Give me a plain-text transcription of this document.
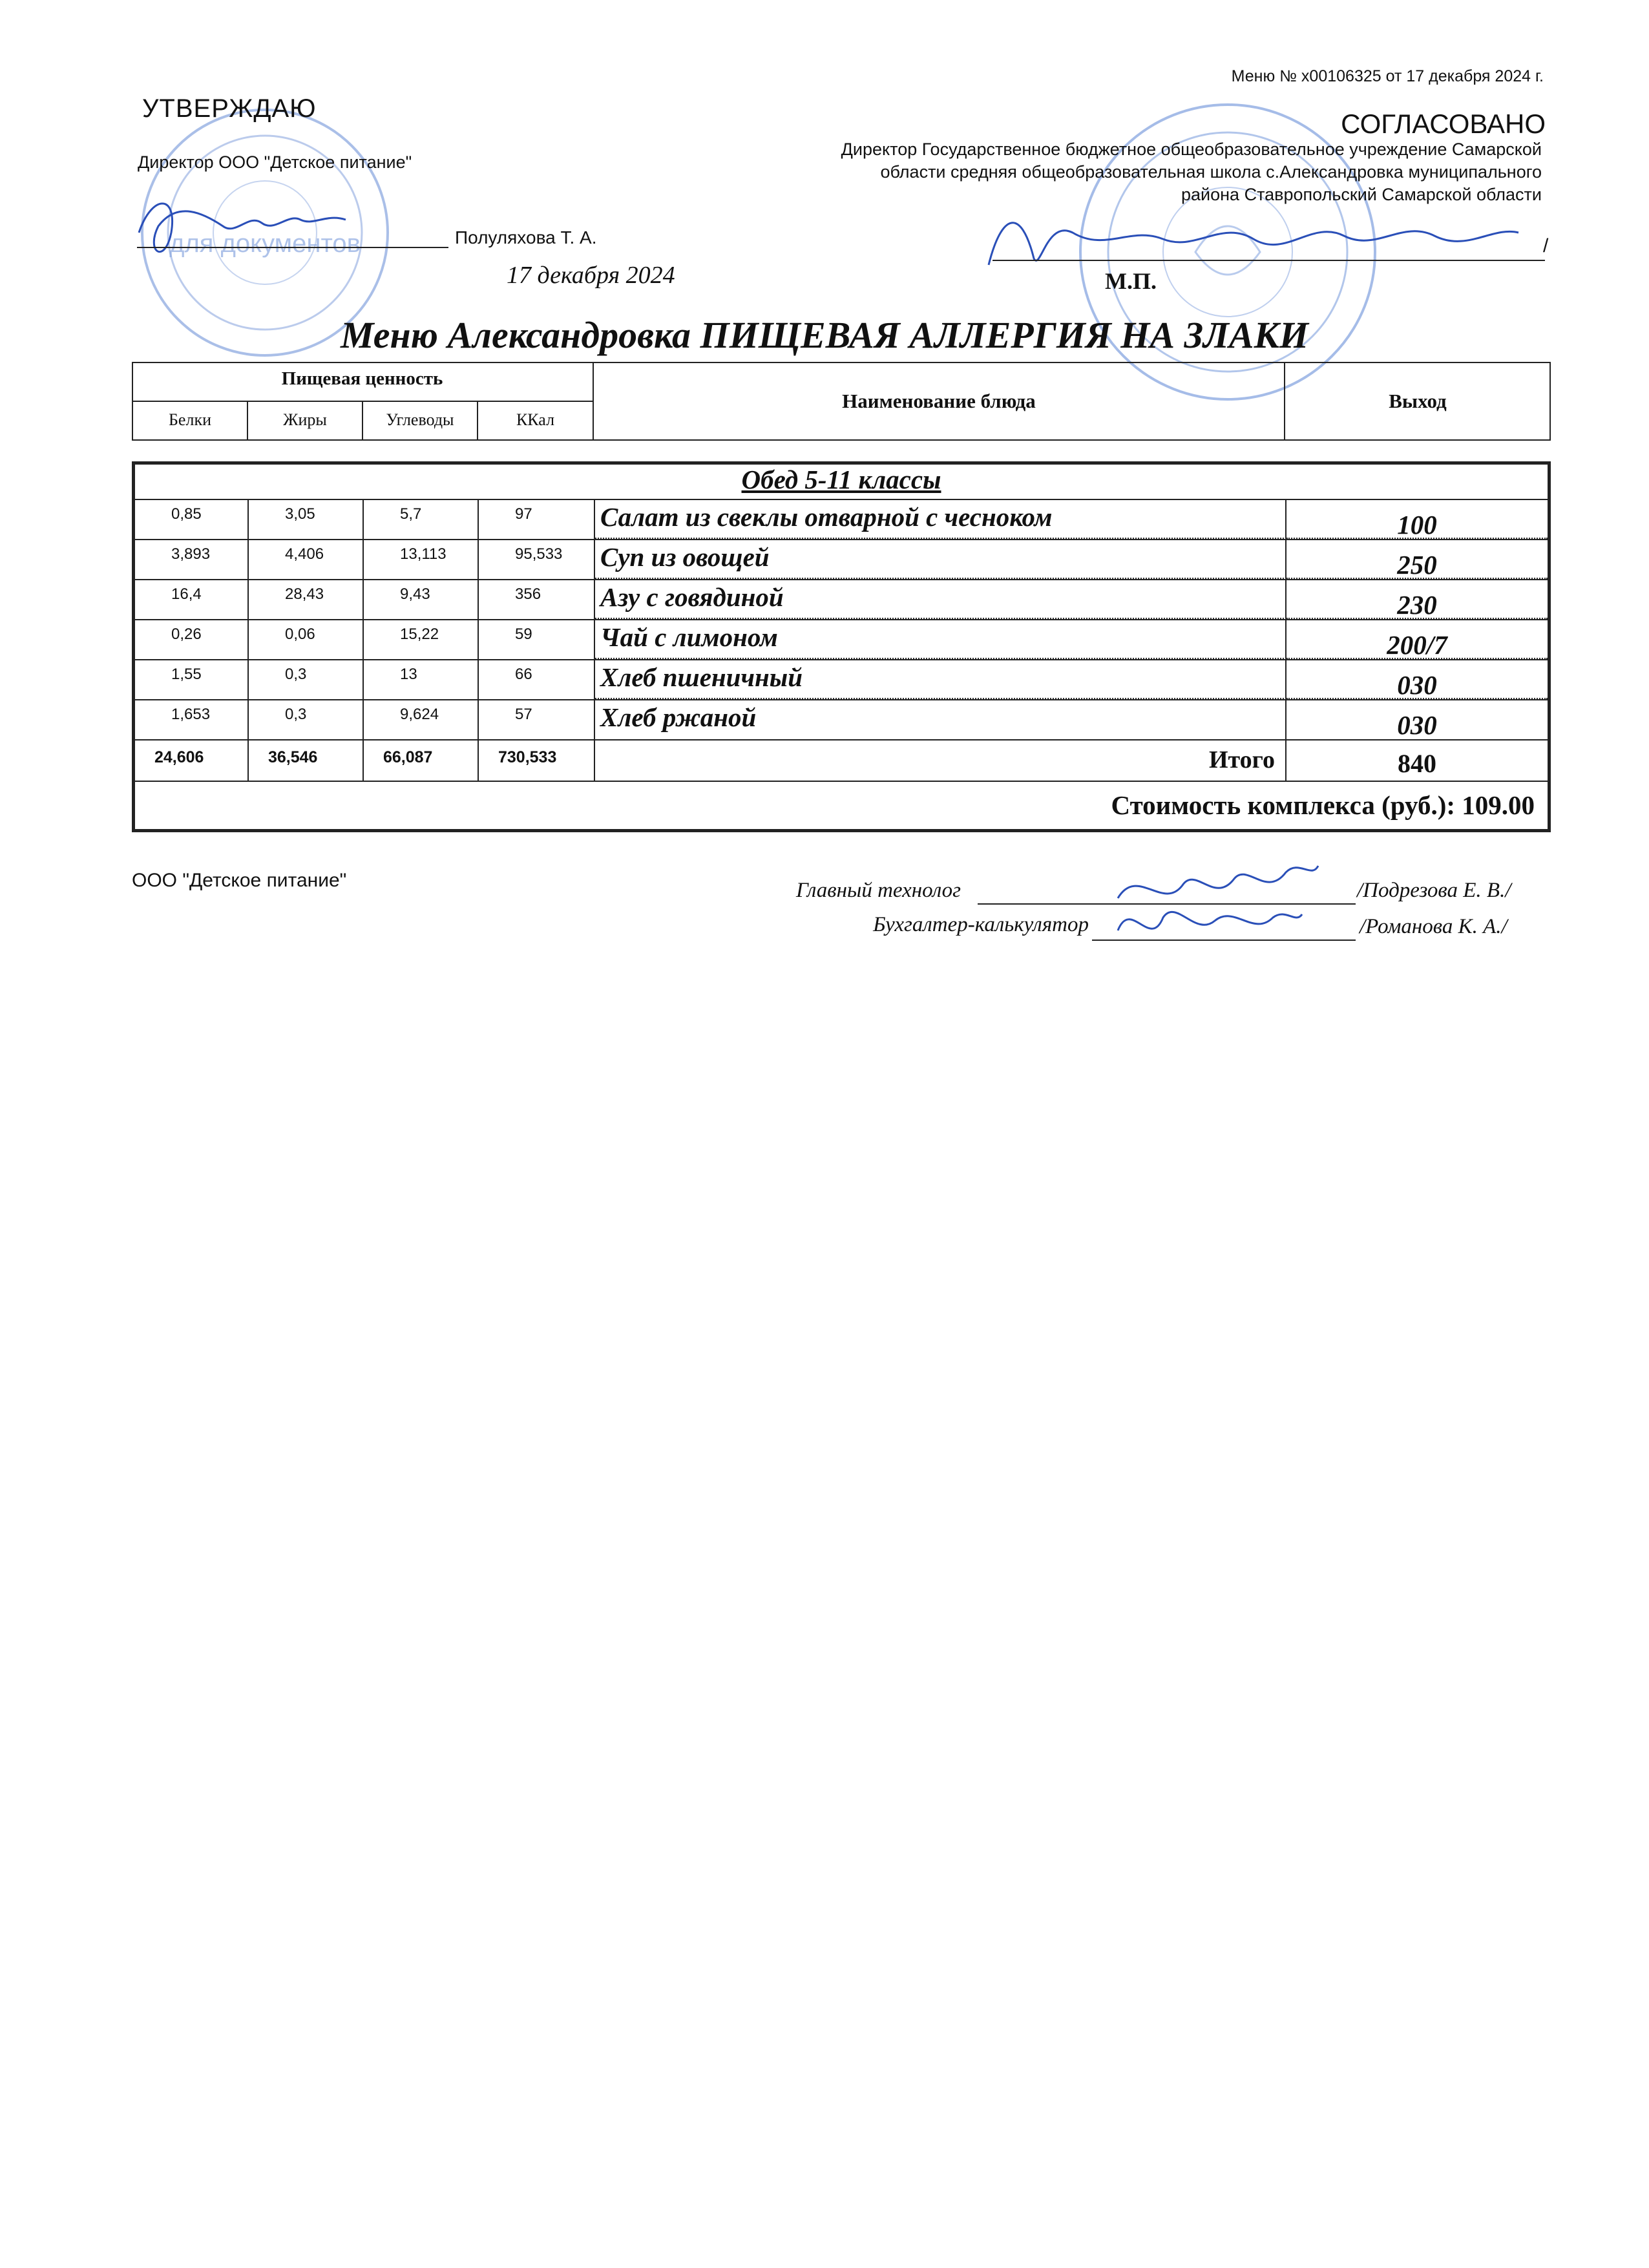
для документов
Меню № х00106325 от 17 декабря 2024 г.
УТВЕРЖДАЮ
Директор ООО "Детское питание"
Полуляхова Т. А.
17 декабря 2024
СОГЛАСОВАНО
Директор Государственное бюджетное общеобразовательное учреждение Самарской
области средняя общеобразовательная школа с.Александровка муниципального
района Ставропольский Самарской области
/
М.П.
Меню Александровка ПИЩЕВАЯ АЛЛЕРГИЯ НА ЗЛАКИ
Пищевая ценность
Белки	Жиры	Углеводы	ККал
Наименование блюда	Выход
Обед 5-11 классы
0,85	3,05	5,7	97	Салат из свеклы отварной с чесноком	100
3,893	4,406	13,113	95,533	Суп из овощей	250
16,4	28,43	9,43	356	Азу с говядиной	230
0,26	0,06	15,22	59	Чай с лимоном	200/7
1,55	0,3	13	66	Хлеб пшеничный	030
1,653	0,3	9,624	57	Хлеб ржаной	030
24,606	36,546	66,087	730,533	Итого	840
Стоимость комплекса (руб.): 109.00
ООО "Детское питание"	Главный технолог	/Подрезова Е. В./
Бухгалтер-калькулятор	/Романова К. А./
